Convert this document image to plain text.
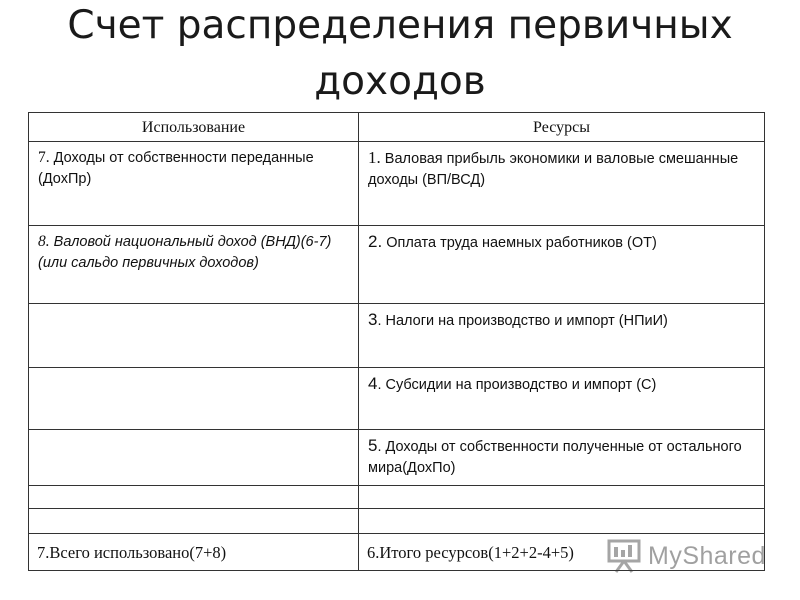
Счет распределения первичных
доходов
Использование	Ресурсы
7. Доходы от собственности переданные (ДохПр)	1. Валовая прибыль экономики и валовые смешанные доходы (ВП/ВСД)
8. Валовой национальный доход (ВНД)(6-7)(или сальдо первичных доходов)	2. Оплата труда наемных работников (ОТ)
	3. Налоги на производство и импорт (НПиИ)
	4. Субсидии на производство и импорт (С)
	5. Доходы от собственности полученные от остального мира(ДохПо)

7.Всего использовано(7+8)	6.Итого ресурсов(1+2+2-4+5)	MyShared
